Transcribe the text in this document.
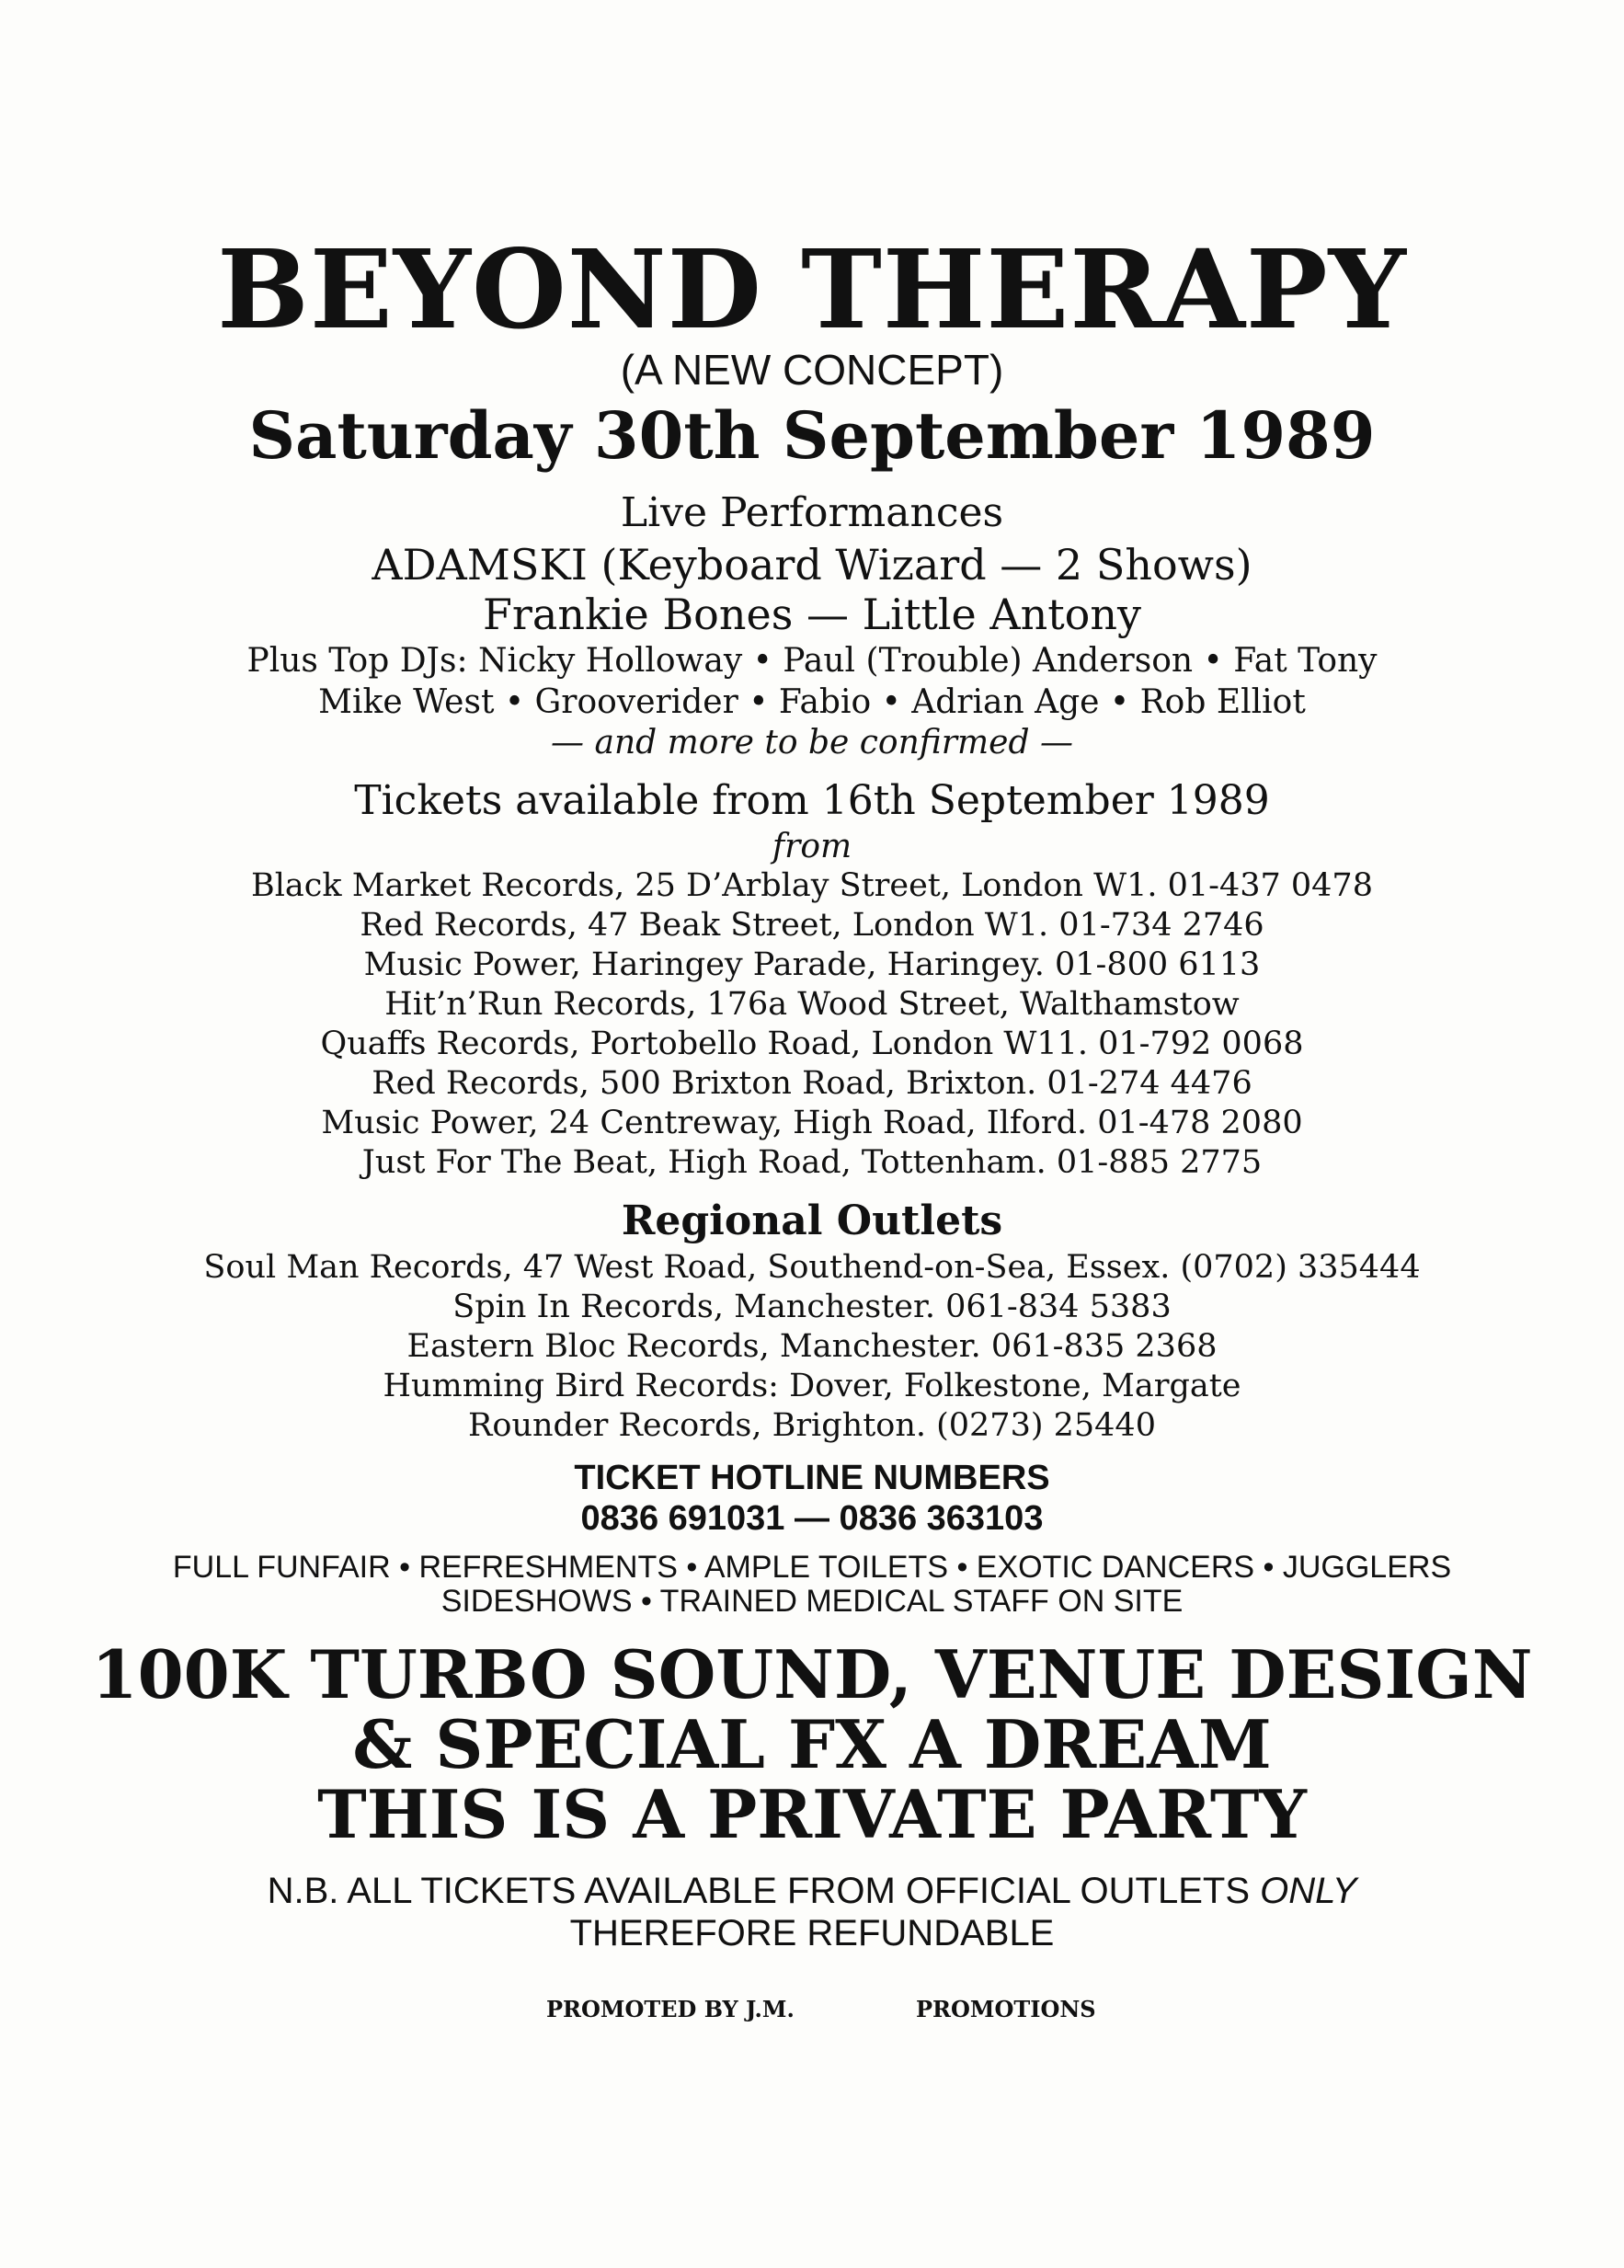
BEYOND THERAPY
(A NEW CONCEPT)
Saturday 30th September 1989
Live Performances
ADAMSKI (Keyboard Wizard — 2 Shows)
Frankie Bones — Little Antony
Plus Top DJs: Nicky Holloway • Paul (Trouble) Anderson • Fat Tony
Mike West • Grooverider • Fabio • Adrian Age • Rob Elliot
— and more to be confirmed —
Tickets available from 16th September 1989
from
Black Market Records, 25 D’Arblay Street, London W1. 01-437 0478
Red Records, 47 Beak Street, London W1. 01-734 2746
Music Power, Haringey Parade, Haringey. 01-800 6113
Hit’n’Run Records, 176a Wood Street, Walthamstow
Quaffs Records, Portobello Road, London W11. 01-792 0068
Red Records, 500 Brixton Road, Brixton. 01-274 4476
Music Power, 24 Centreway, High Road, Ilford. 01-478 2080
Just For The Beat, High Road, Tottenham. 01-885 2775
Regional Outlets
Soul Man Records, 47 West Road, Southend-on-Sea, Essex. (0702) 335444
Spin In Records, Manchester. 061-834 5383
Eastern Bloc Records, Manchester. 061-835 2368
Humming Bird Records: Dover, Folkestone, Margate
Rounder Records, Brighton. (0273) 25440
TICKET HOTLINE NUMBERS
0836 691031 — 0836 363103
FULL FUNFAIR • REFRESHMENTS • AMPLE TOILETS • EXOTIC DANCERS • JUGGLERS
SIDESHOWS • TRAINED MEDICAL STAFF ON SITE
100K TURBO SOUND, VENUE DESIGN
& SPECIAL FX A DREAM
THIS IS A PRIVATE PARTY
N.B. ALL TICKETS AVAILABLE FROM OFFICIAL OUTLETS ONLY
THEREFORE REFUNDABLE
PROMOTED BY J.M.	PROMOTIONS
